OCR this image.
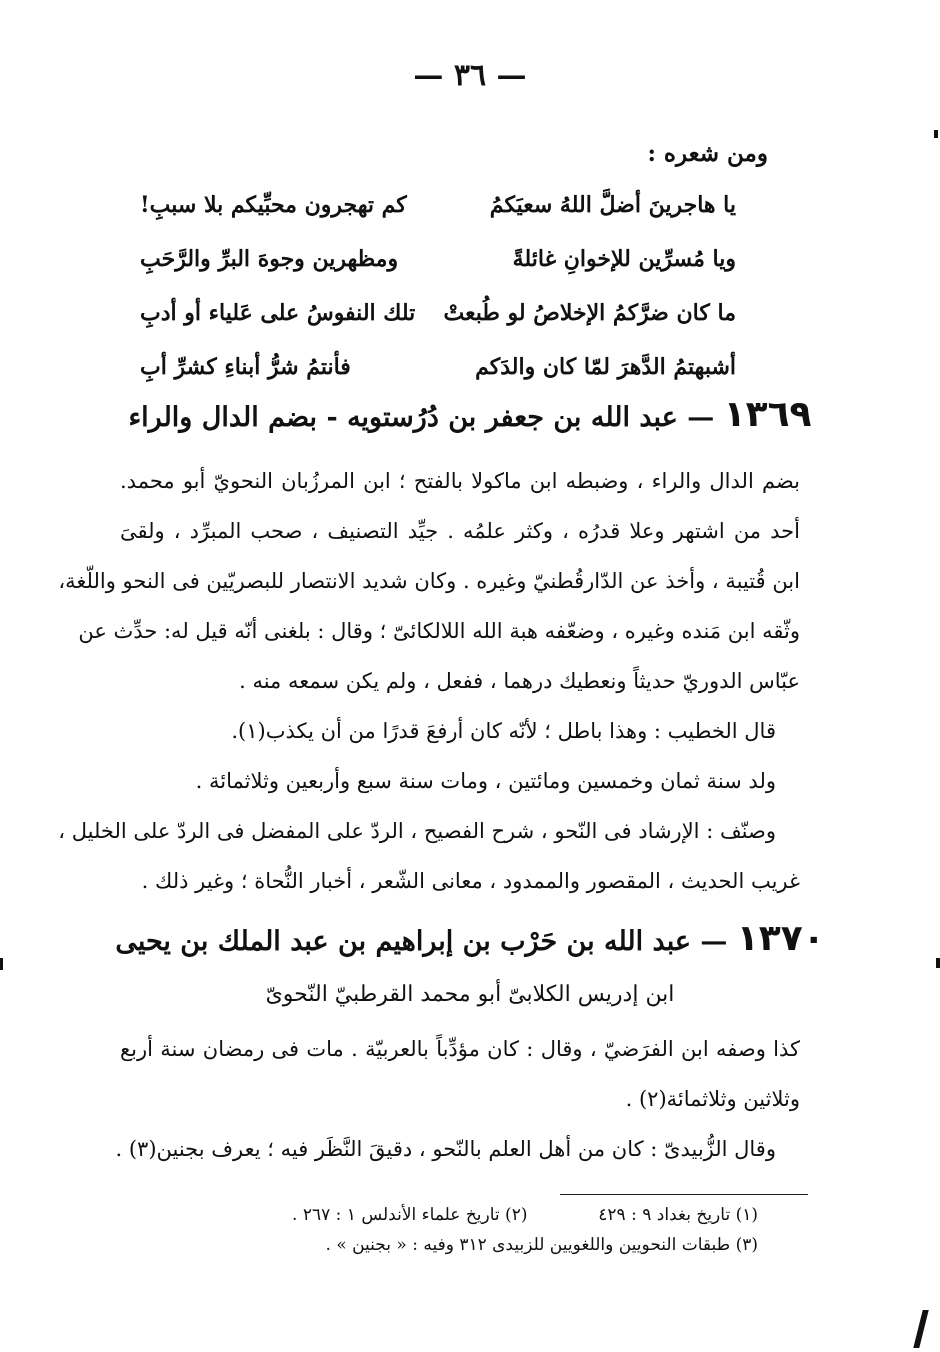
— ٣٦ —
ومن شعره :
يا هاجرينَ أضلَّ اللهُ سعيَكمُ
كم تهجرون محبِّيكم بلا سببِ!
ويا مُسرِّين للإخوانِ غائلةً
ومظهرين وجوهَ البرِّ والرَّحَبِ
ما كان ضرَّكمُ الإخلاصُ لو طُبعتْ
تلك النفوسُ على عَلياء أو أدبِ
أشبهتمُ الدَّهرَ لمّا كان والدَكم
فأنتمُ شرُّ أبناءِ كشرِّ أبِ
١٣٦٩ — عبد الله بن جعفر بن دُرُستويه - بضم الدال والراء
بضم الدال والراء ، وضبطه ابن ماكولا بالفتح ؛ ابن المرزُبان النحويّ أبو محمد.
أحد من اشتهر وعلا قدرُه ، وكثر علمُه . جيِّد التصنيف ، صحب المبرِّد ، ولقىَ
ابن قُتيبة ، وأخذ عن الدّارقُطنيّ وغيره . وكان شديد الانتصار للبصريّين فى النحو واللّغة،
وثّقه ابن مَنده وغيره ، وضعّفه هبة الله اللالكائىّ ؛ وقال : بلغنى أنّه قيل له: حدِّث عن
عبّاس الدوريّ حديثاً ونعطيك درهما ، ففعل ، ولم يكن سمعه منه .
قال الخطيب : وهذا باطل ؛ لأنّه كان أرفعَ قدرًا من أن يكذب(١).
ولد سنة ثمان وخمسين ومائتين ، ومات سنة سبع وأربعين وثلاثمائة .
وصنّف : الإرشاد فى النّحو ، شرح الفصيح ، الردّ على المفضل فى الردّ على الخليل ،
غريب الحديث ، المقصور والممدود ، معانى الشّعر ، أخبار النُّحاة ؛ وغير ذلك .
١٣٧٠ — عبد الله بن حَرْب بن إبراهيم بن عبد الملك بن يحيى
ابن إدريس الكلابىّ أبو محمد القرطبيّ النّحوىّ
كذا وصفه ابن الفرَضيّ ، وقال : كان مؤدِّباً بالعربيّة . مات فى رمضان سنة أربع
وثلاثين وثلاثمائة(٢) .
وقال الزُّبيدىّ : كان من أهل العلم بالنّحو ، دقيقَ النَّظَر فيه ؛ يعرف بجنين(٣) .
(١) تاريخ بغداد ٩ : ٤٢٩  (٢) تاريخ علماء الأندلس ١ : ٢٦٧ .
(٣) طبقات النحويين واللغويين للزبيدى ٣١٢ وفيه : « بجنين » .
